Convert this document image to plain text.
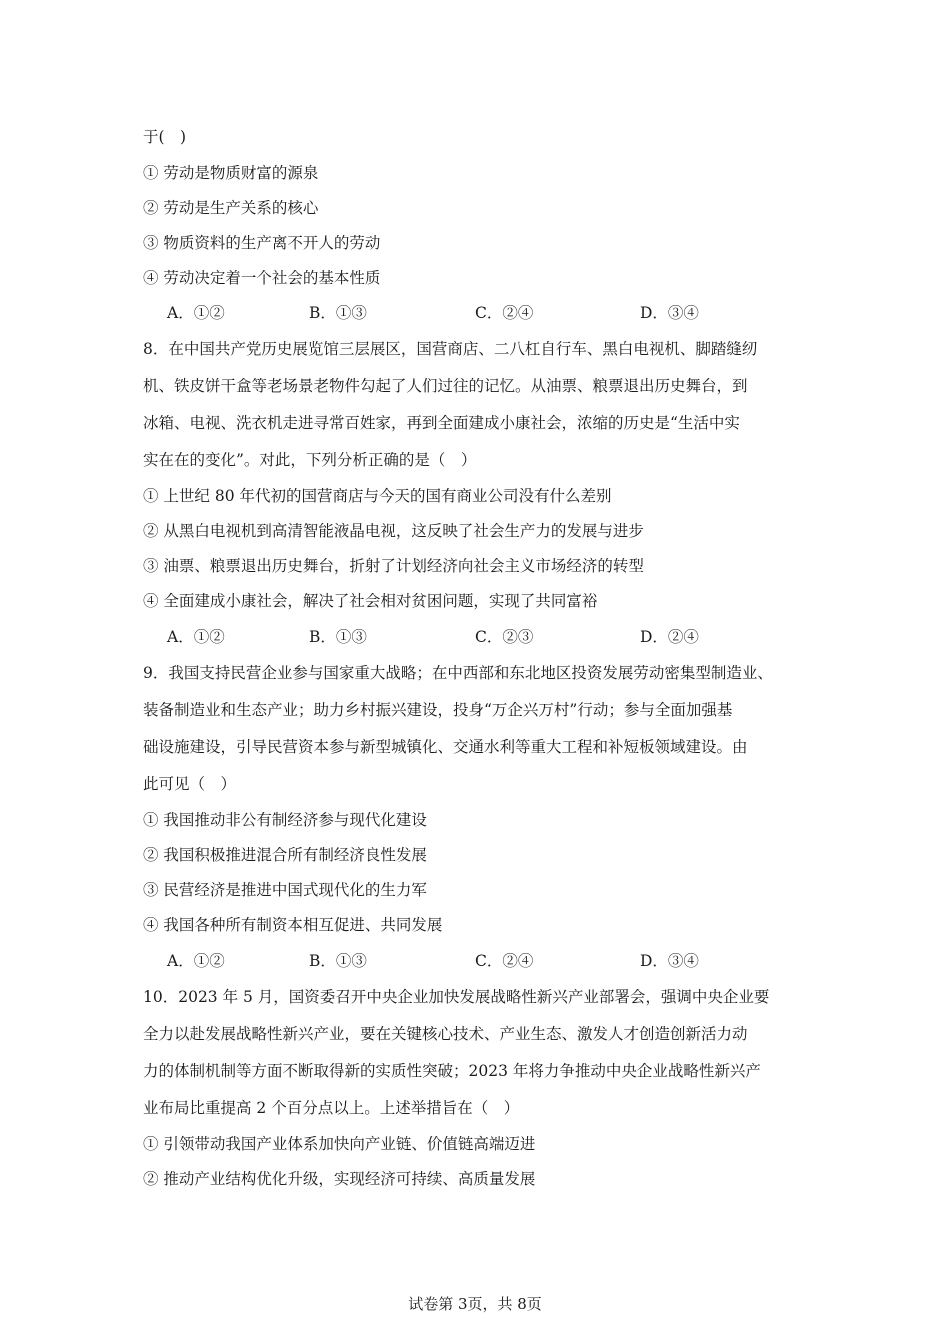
于(　)
① 劳动是物质财富的源泉
② 劳动是生产关系的核心
③ 物质资料的生产离不开人的劳动
④ 劳动决定着一个社会的基本性质
A．①②	B．①③	C．②④	D．③④
8．在中国共产党历史展览馆三层展区，国营商店、二八杠自行车、黑白电视机、脚踏缝纫
机、铁皮饼干盒等老场景老物件勾起了人们过往的记忆。从油票、粮票退出历史舞台，到
冰箱、电视、洗衣机走进寻常百姓家，再到全面建成小康社会，浓缩的历史是“生活中实
实在在的变化”。对此，下列分析正确的是（　）
① 上世纪 80 年代初的国营商店与今天的国有商业公司没有什么差别
② 从黑白电视机到高清智能液晶电视，这反映了社会生产力的发展与进步
③ 油票、粮票退出历史舞台，折射了计划经济向社会主义市场经济的转型
④ 全面建成小康社会，解决了社会相对贫困问题，实现了共同富裕
A．①②	B．①③	C．②③	D．②④
9．我国支持民营企业参与国家重大战略；在中西部和东北地区投资发展劳动密集型制造业、
装备制造业和生态产业；助力乡村振兴建设，投身“万企兴万村”行动；参与全面加强基
础设施建设，引导民营资本参与新型城镇化、交通水利等重大工程和补短板领域建设。由
此可见（　）
① 我国推动非公有制经济参与现代化建设
② 我国积极推进混合所有制经济良性发展
③ 民营经济是推进中国式现代化的生力军
④ 我国各种所有制资本相互促进、共同发展
A．①②	B．①③	C．②④	D．③④
10．2023 年 5 月，国资委召开中央企业加快发展战略性新兴产业部署会，强调中央企业要
全力以赴发展战略性新兴产业，要在关键核心技术、产业生态、激发人才创造创新活力动
力的体制机制等方面不断取得新的实质性突破；2023 年将力争推动中央企业战略性新兴产
业布局比重提高 2 个百分点以上。上述举措旨在（　）
① 引领带动我国产业体系加快向产业链、价值链高端迈进
② 推动产业结构优化升级，实现经济可持续、高质量发展
试卷第 3页，共 8页
